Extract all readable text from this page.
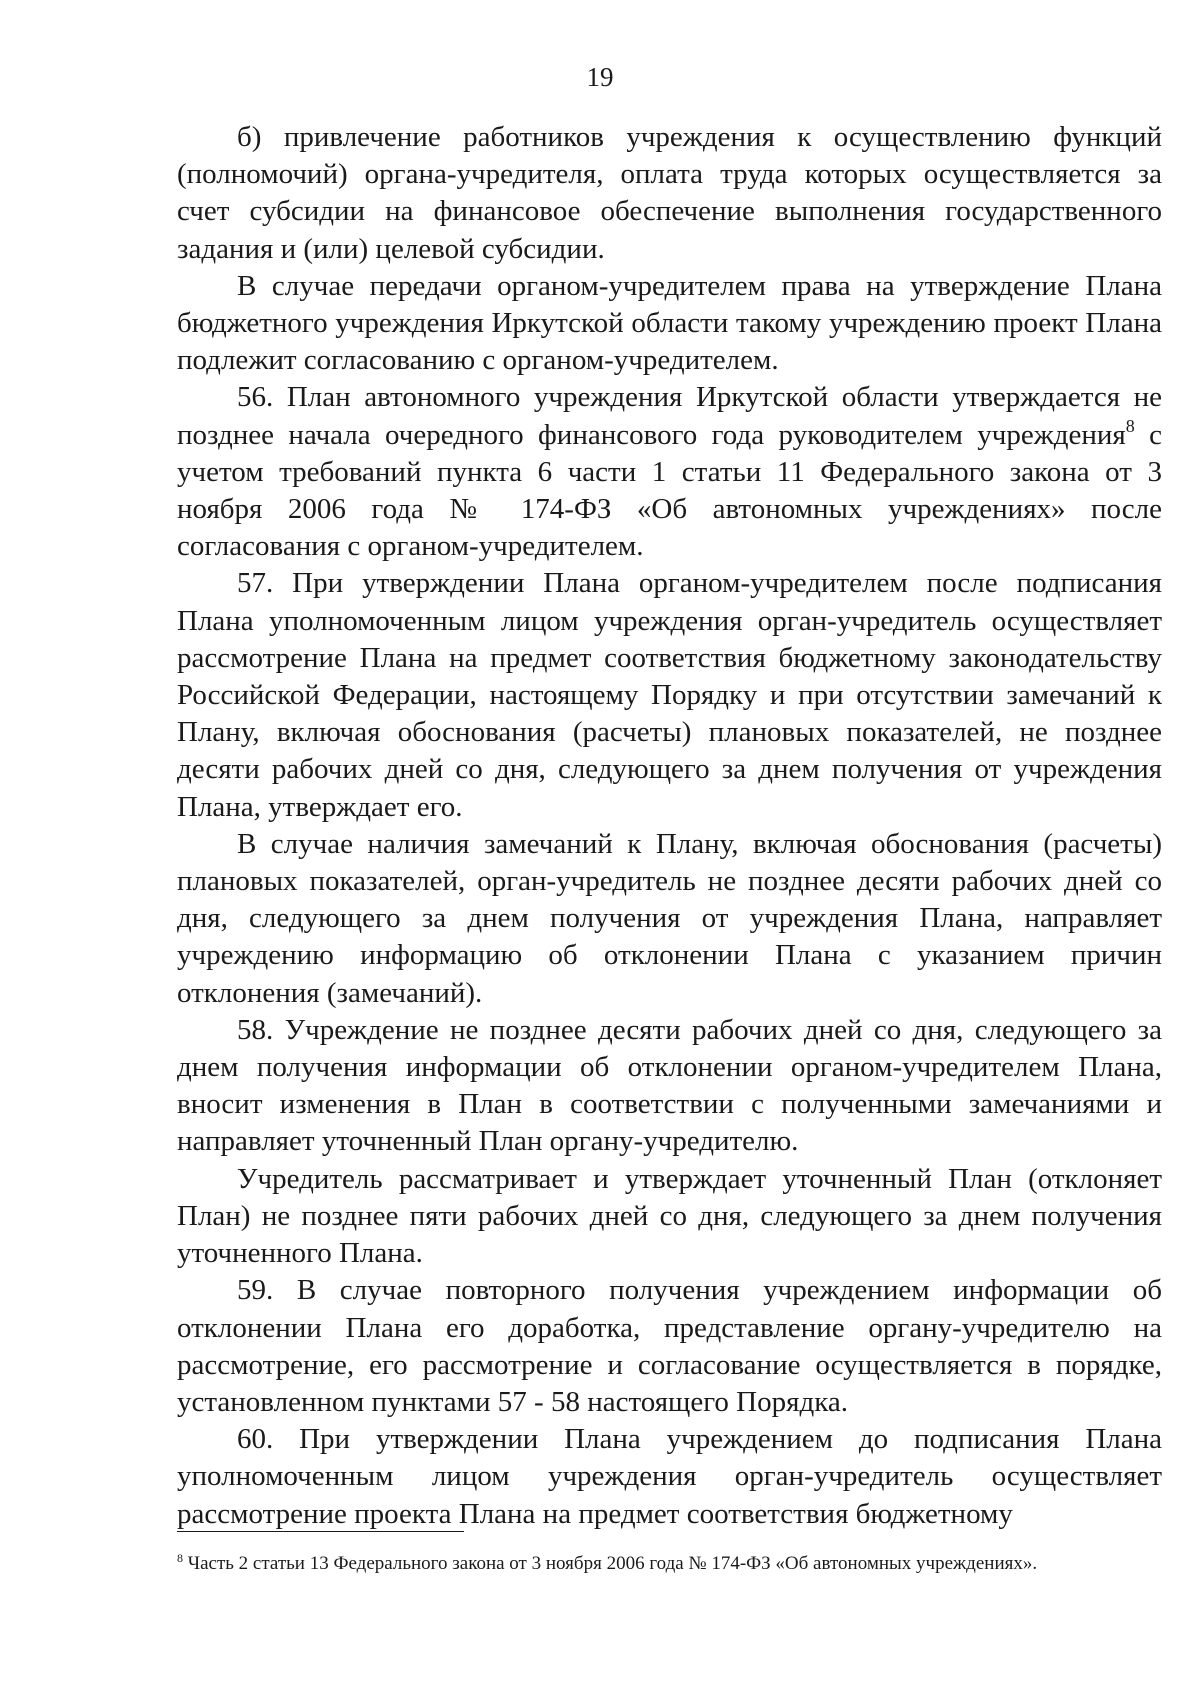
19

б) привлечение работников учреждения к осуществлению функций (полномочий) органа-учредителя, оплата труда которых осуществляется за счет субсидии на финансовое обеспечение выполнения государственного задания и (или) целевой субсидии.

В случае передачи органом-учредителем права на утверждение Плана бюджетного учреждения Иркутской области такому учреждению проект Плана подлежит согласованию с органом-учредителем.

56. План автономного учреждения Иркутской области утверждается не позднее начала очередного финансового года руководителем учреждения$^8$ с учетом требований пункта 6 части 1 статьи 11 Федерального закона от 3 ноября 2006 года № 174-ФЗ «Об автономных учреждениях» после согласования с органом-учредителем.

57. При утверждении Плана органом-учредителем после подписания Плана уполномоченным лицом учреждения орган-учредитель осуществляет рассмотрение Плана на предмет соответствия бюджетному законодательству Российской Федерации, настоящему Порядку и при отсутствии замечаний к Плану, включая обоснования (расчеты) плановых показателей, не позднее десяти рабочих дней со дня, следующего за днем получения от учреждения Плана, утверждает его.

В случае наличия замечаний к Плану, включая обоснования (расчеты) плановых показателей, орган-учредитель не позднее десяти рабочих дней со дня, следующего за днем получения от учреждения Плана, направляет учреждению информацию об отклонении Плана с указанием причин отклонения (замечаний).

58. Учреждение не позднее десяти рабочих дней со дня, следующего за днем получения информации об отклонении органом-учредителем Плана, вносит изменения в План в соответствии с полученными замечаниями и направляет уточненный План органу-учредителю.

Учредитель рассматривает и утверждает уточненный План (отклоняет План) не позднее пяти рабочих дней со дня, следующего за днем получения уточненного Плана.

59. В случае повторного получения учреждением информации об отклонении Плана его доработка, представление органу-учредителю на рассмотрение, его рассмотрение и согласование осуществляется в порядке, установленном пунктами 57 - 58 настоящего Порядка.

60. При утверждении Плана учреждением до подписания Плана уполномоченным лицом учреждения орган-учредитель осуществляет рассмотрение проекта Плана на предмет соответствия бюджетному

$^8$ Часть 2 статьи 13 Федерального закона от 3 ноября 2006 года № 174-ФЗ «Об автономных учреждениях».
